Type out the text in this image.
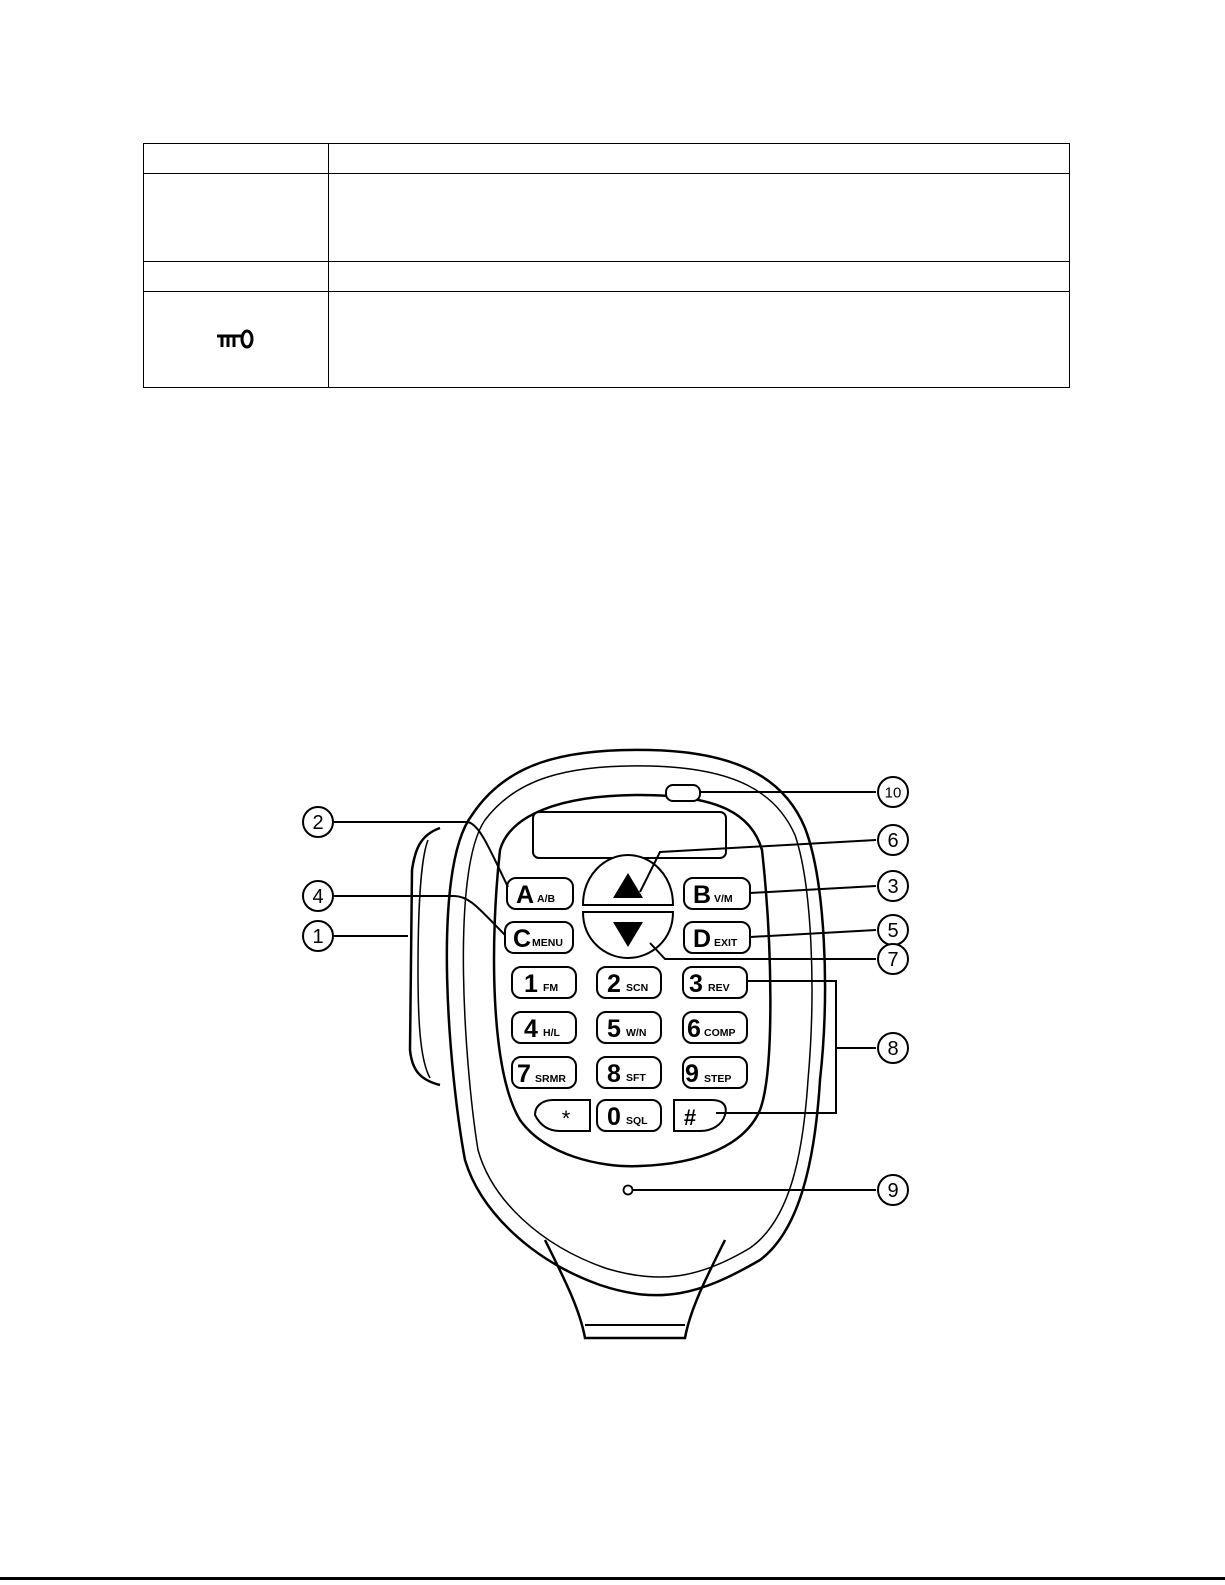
A A/B	B V/M
C MENU	D EXIT
1 FM 2 SCN 3 REV
4 H/L 5 W/N 6 COMP
7 SRMR 8 SFT 9 STEP
* 0 SQL #
10
2
6
3
4
5
1
7
8
9
